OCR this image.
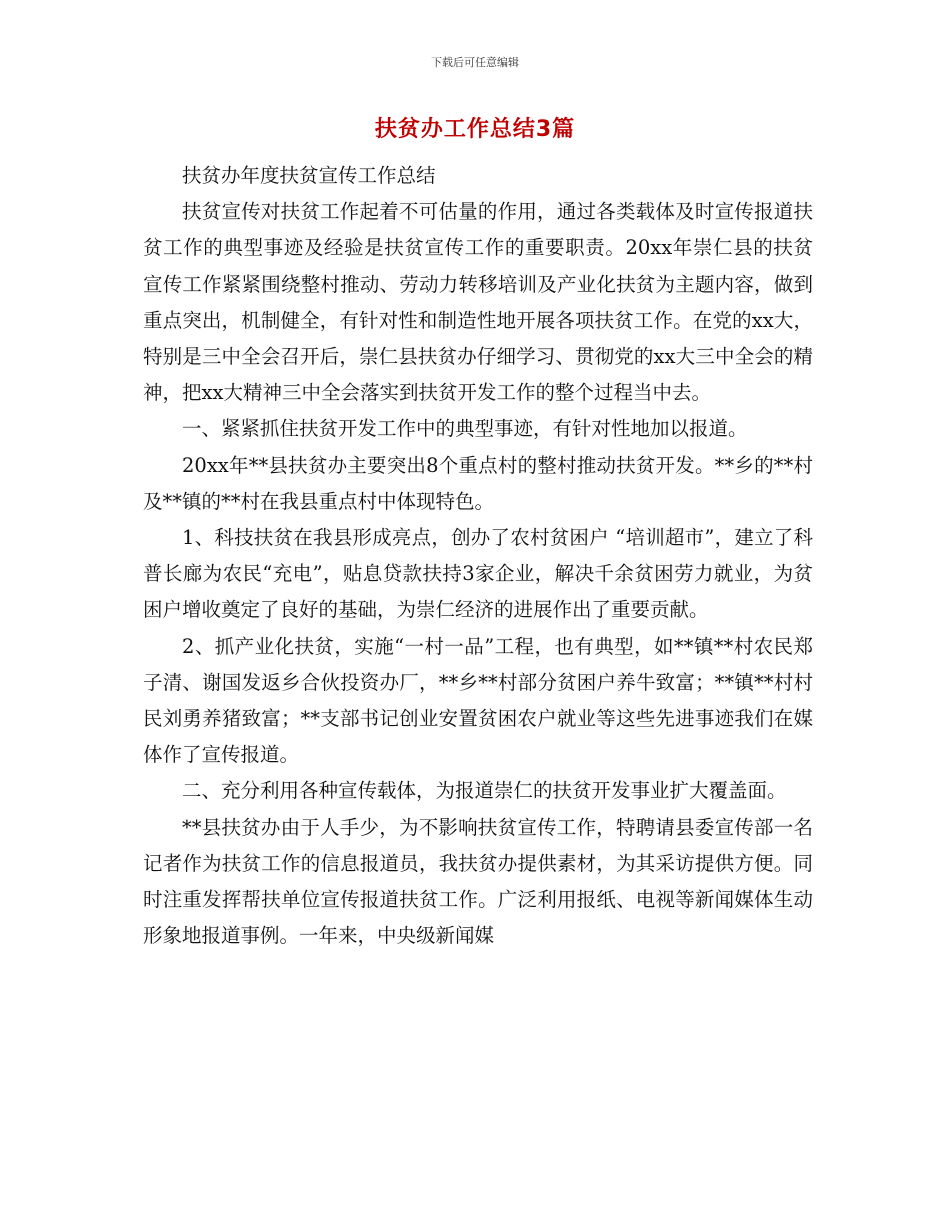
下载后可任意编辑
扶贫办工作总结3篇

扶贫办年度扶贫宣传工作总结

扶贫宣传对扶贫工作起着不可估量的作用，通过各类载体及时宣传报道扶贫工作的典型事迹及经验是扶贫宣传工作的重要职责。20xx年崇仁县的扶贫宣传工作紧紧围绕整村推动、劳动力转移培训及产业化扶贫为主题内容，做到重点突出，机制健全，有针对性和制造性地开展各项扶贫工作。在党的xx大，特别是三中全会召开后，崇仁县扶贫办仔细学习、贯彻党的xx大三中全会的精神，把xx大精神三中全会落实到扶贫开发工作的整个过程当中去。

一、紧紧抓住扶贫开发工作中的典型事迹，有针对性地加以报道。

20xx年**县扶贫办主要突出8个重点村的整村推动扶贫开发。**乡的**村及**镇的**村在我县重点村中体现特色。

1、科技扶贫在我县形成亮点，创办了农村贫困户 “培训超市”，建立了科普长廊为农民“充电”，贴息贷款扶持3家企业，解决千余贫困劳力就业，为贫困户增收奠定了良好的基础，为崇仁经济的进展作出了重要贡献。

2、抓产业化扶贫，实施“一村一品”工程，也有典型，如**镇**村农民郑子清、谢国发返乡合伙投资办厂，**乡**村部分贫困户养牛致富；**镇**村村民刘勇养猪致富；**支部书记创业安置贫困农户就业等这些先进事迹我们在媒体作了宣传报道。

二、充分利用各种宣传载体，为报道崇仁的扶贫开发事业扩大覆盖面。

**县扶贫办由于人手少，为不影响扶贫宣传工作，特聘请县委宣传部一名记者作为扶贫工作的信息报道员，我扶贫办提供素材，为其采访提供方便。同时注重发挥帮扶单位宣传报道扶贫工作。广泛利用报纸、电视等新闻媒体生动形象地报道事例。一年来，中央级新闻媒
